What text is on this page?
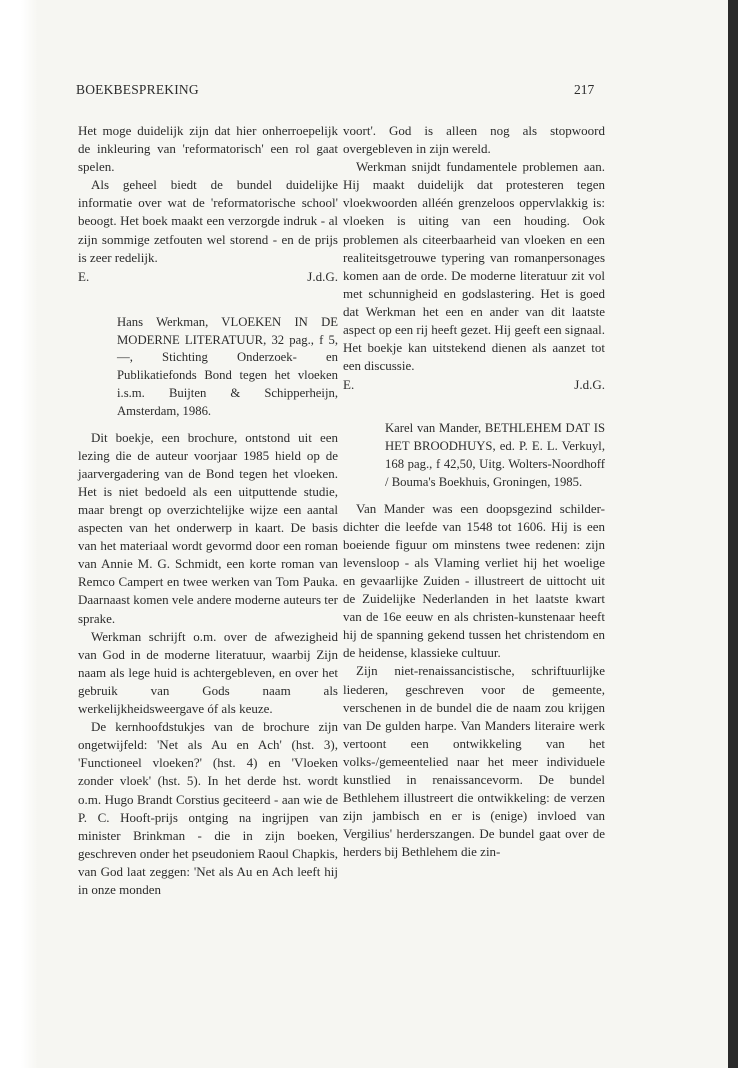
BOEKBESPREKING	217

Het moge duidelijk zijn dat hier onherroepelijk de inkleuring van 'reformatorisch' een rol gaat spelen.

Als geheel biedt de bundel duidelijke informatie over wat de 'reformatorische school' beoogt. Het boek maakt een verzorgde indruk - al zijn sommige zetfouten wel storend - en de prijs is zeer redelijk.

E.	J.d.G.

Hans Werkman, VLOEKEN IN DE MODERNE LITERATUUR, 32 pag., f 5,—, Stichting Onderzoek- en Publikatiefonds Bond tegen het vloeken i.s.m. Buijten & Schipperheijn, Amsterdam, 1986.

Dit boekje, een brochure, ontstond uit een lezing die de auteur voorjaar 1985 hield op de jaarvergadering van de Bond tegen het vloeken. Het is niet bedoeld als een uitputtende studie, maar brengt op overzichtelijke wijze een aantal aspecten van het onderwerp in kaart. De basis van het materiaal wordt gevormd door een roman van Annie M. G. Schmidt, een korte roman van Remco Campert en twee werken van Tom Pauka. Daarnaast komen vele andere moderne auteurs ter sprake.

Werkman schrijft o.m. over de afwezigheid van God in de moderne literatuur, waarbij Zijn naam als lege huid is achtergebleven, en over het gebruik van Gods naam als werkelijkheidsweergave óf als keuze.

De kernhoofdstukjes van de brochure zijn ongetwijfeld: 'Net als Au en Ach' (hst. 3), 'Functioneel vloeken?' (hst. 4) en 'Vloeken zonder vloek' (hst. 5). In het derde hst. wordt o.m. Hugo Brandt Corstius geciteerd - aan wie de P. C. Hooft-prijs ontging na ingrijpen van minister Brinkman - die in zijn boeken, geschreven onder het pseudoniem Raoul Chapkis, van God laat zeggen: 'Net als Au en Ach leeft hij in onze monden

voort'. God is alleen nog als stopwoord overgebleven in zijn wereld.

Werkman snijdt fundamentele problemen aan. Hij maakt duidelijk dat protesteren tegen vloekwoorden alléén grenzeloos oppervlakkig is: vloeken is uiting van een houding. Ook problemen als citeerbaarheid van vloeken en een realiteitsgetrouwe typering van romanpersonages komen aan de orde. De moderne literatuur zit vol met schunnigheid en godslastering. Het is goed dat Werkman het een en ander van dit laatste aspect op een rij heeft gezet. Hij geeft een signaal. Het boekje kan uitstekend dienen als aanzet tot een discussie.

E.	J.d.G.

Karel van Mander, BETHLEHEM DAT IS HET BROODHUYS, ed. P. E. L. Verkuyl, 168 pag., f 42,50, Uitg. Wolters-Noordhoff / Bouma's Boekhuis, Groningen, 1985.

Van Mander was een doopsgezind schilder-dichter die leefde van 1548 tot 1606. Hij is een boeiende figuur om minstens twee redenen: zijn levensloop - als Vlaming verliet hij het woelige en gevaarlijke Zuiden - illustreert de uittocht uit de Zuidelijke Nederlanden in het laatste kwart van de 16e eeuw en als christen-kunstenaar heeft hij de spanning gekend tussen het christendom en de heidense, klassieke cultuur.

Zijn niet-renaissancistische, schriftuurlijke liederen, geschreven voor de gemeente, verschenen in de bundel die de naam zou krijgen van De gulden harpe. Van Manders literaire werk vertoont een ontwikkeling van het volks-/gemeentelied naar het meer individuele kunstlied in renaissancevorm. De bundel Bethlehem illustreert die ontwikkeling: de verzen zijn jambisch en er is (enige) invloed van Vergilius' herderszangen. De bundel gaat over de herders bij Bethlehem die zin-
